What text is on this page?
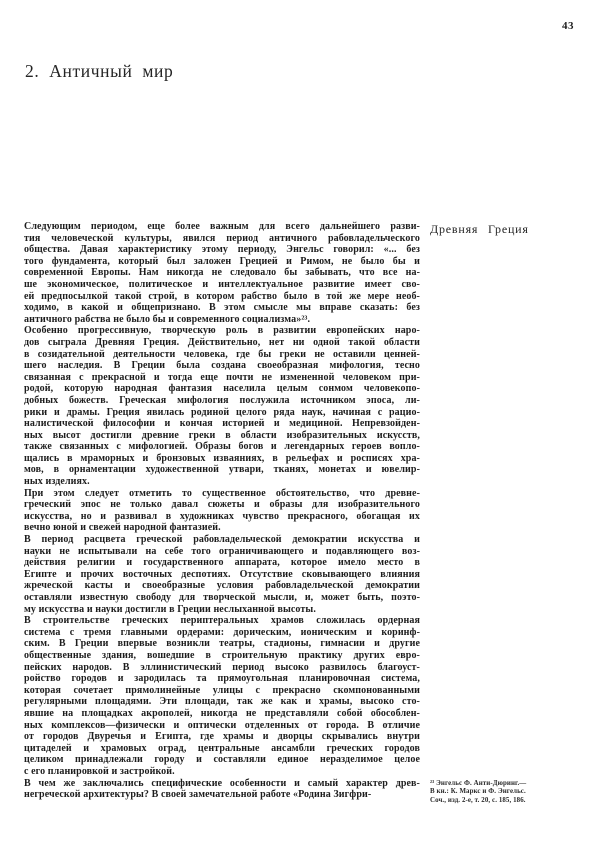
43
2. Античный мир
Следующим периодом, еще более важным для всего дальнейшего разви-
тия человеческой культуры, явился период античного рабовладельческого
общества. Давая характеристику этому периоду, Энгельс говорил: «... без
того фундамента, который был заложен Грецией и Римом, не было бы и
современной Европы. Нам никогда не следовало бы забывать, что все на-
ше экономическое, политическое и интеллектуальное развитие имеет сво-
ей предпосылкой такой строй, в котором рабство было в той же мере необ-
ходимо, в какой и общепризнано. В этом смысле мы вправе сказать: без
античного рабства не было бы и современного социализма»²³.
Особенно прогрессивную, творческую роль в развитии европейских наро-
дов сыграла Древняя Греция. Действительно, нет ни одной такой области
в созидательной деятельности человека, где бы греки не оставили ценней-
шего наследия. В Греции была создана своеобразная мифология, тесно
связанная с прекрасной и тогда еще почти не измененной человеком при-
родой, которую народная фантазия населила целым сонмом человекопо-
добных божеств. Греческая мифология послужила источником эпоса, ли-
рики и драмы. Греция явилась родиной целого ряда наук, начиная с рацио-
налистической философии и кончая историей и медициной. Непревзойден-
ных высот достигли древние греки в области изобразительных искусств,
также связанных с мифологией. Образы богов и легендарных героев вопло-
щались в мраморных и бронзовых изваяниях, в рельефах и росписях хра-
мов, в орнаментации художественной утвари, тканях, монетах и ювелир-
ных изделиях.
При этом следует отметить то существенное обстоятельство, что древне-
греческий эпос не только давал сюжеты и образы для изобразительного
искусства, но и развивал в художниках чувство прекрасного, обогащая их
вечно юной и свежей народной фантазией.
В период расцвета греческой рабовладельческой демократии искусства и
науки не испытывали на себе того ограничивающего и подавляющего воз-
действия религии и государственного аппарата, которое имело место в
Египте и прочих восточных деспотиях. Отсутствие сковывающего влияния
жреческой касты и своеобразные условия рабовладельческой демократии
оставляли известную свободу для творческой мысли, и, может быть, поэто-
му искусства и науки достигли в Греции неслыханной высоты.
В строительстве греческих периптеральных храмов сложилась ордерная
система с тремя главными ордерами: дорическим, ионическим и коринф-
ским. В Греции впервые возникли театры, стадионы, гимнасии и другие
общественные здания, вошедшие в строительную практику других евро-
пейских народов. В эллинистический период высоко развилось благоуст-
ройство городов и зародилась та прямоугольная планировочная система,
которая сочетает прямолинейные улицы с прекрасно скомпонованными
регулярными площадями. Эти площади, так же как и храмы, высоко сто-
явшие на площадках акрополей, никогда не представляли собой обособлен-
ных комплексов—физически и оптически отделенных от города. В отличие
от городов Двуречья и Египта, где храмы и дворцы скрывались внутри
цитаделей и храмовых оград, центральные ансамбли греческих городов
целиком принадлежали городу и составляли единое неразделимое целое
с его планировкой и застройкой.
В чем же заключались специфические особенности и самый характер древ-
негреческой архитектуры? В своей замечательной работе «Родина Зигфри-
Древняя Греция
²³ Энгельс Ф. Анти-Дюринг.—
В кн.: К. Маркс и Ф. Энгельс.
Соч., изд. 2-е, т. 20, с. 185, 186.
